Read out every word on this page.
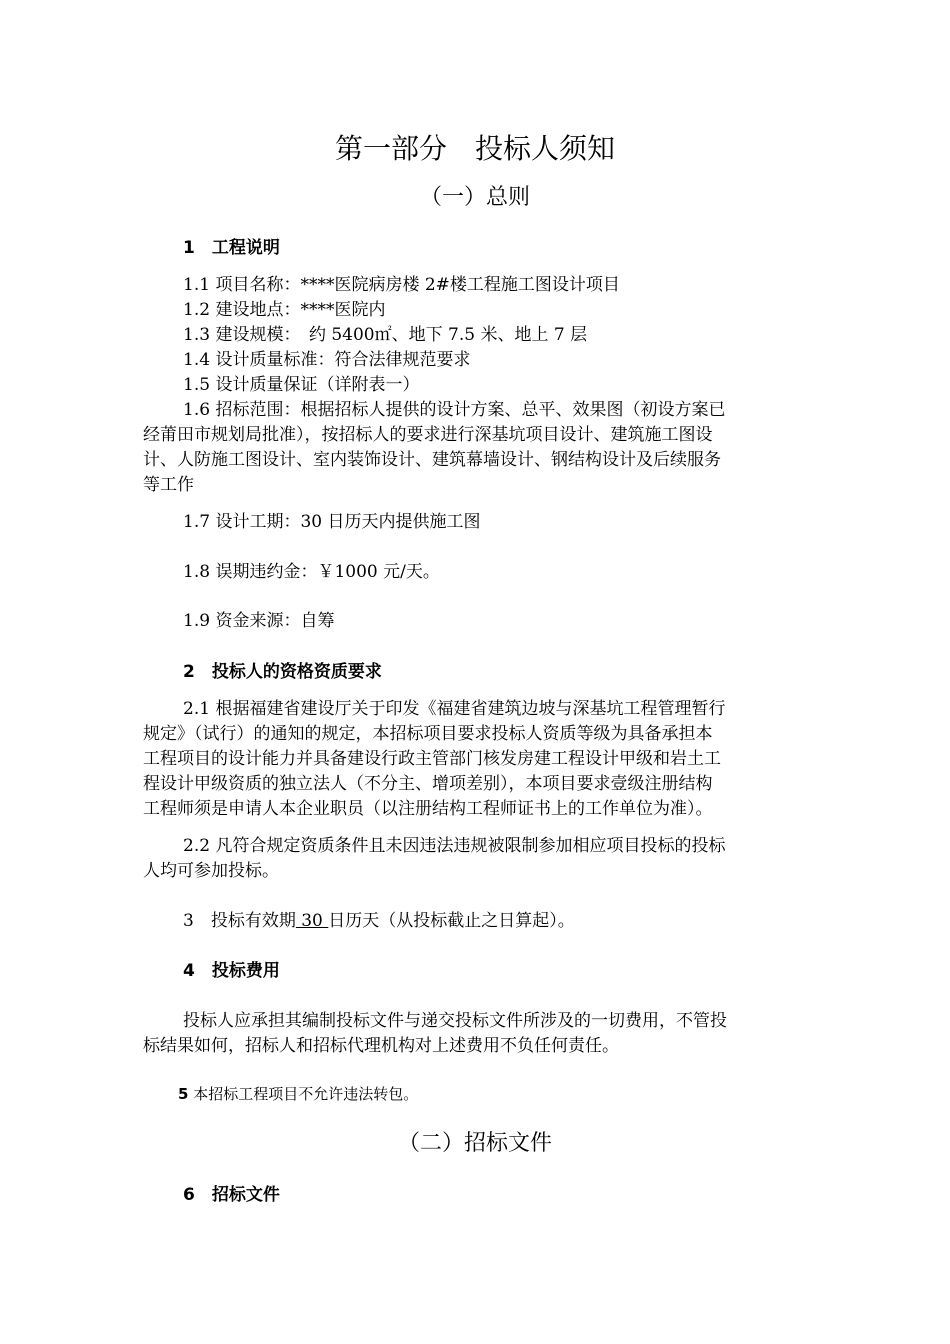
第一部分　投标人须知
（一）总则
1　工程说明
1.1 项目名称：****医院病房楼 2#楼工程施工图设计项目
1.2 建设地点：****医院内
1.3 建设规模：　约 5400㎡、地下 7.5 米、地上 7 层
1.4 设计质量标准：符合法律规范要求
1.5 设计质量保证（详附表一）
1.6 招标范围：根据招标人提供的设计方案、总平、效果图（初设方案已
经莆田市规划局批准），按招标人的要求进行深基坑项目设计、建筑施工图设
计、人防施工图设计、室内装饰设计、建筑幕墙设计、钢结构设计及后续服务
等工作
1.7 设计工期：30 日历天内提供施工图
1.8 误期违约金：￥1000 元/天。
1.9 资金来源：自筹
2　投标人的资格资质要求
2.1 根据福建省建设厅关于印发《福建省建筑边坡与深基坑工程管理暂行
规定》（试行）的通知的规定，本招标项目要求投标人资质等级为具备承担本
工程项目的设计能力并具备建设行政主管部门核发房建工程设计甲级和岩土工
程设计甲级资质的独立法人（不分主、增项差别），本项目要求壹级注册结构
工程师须是申请人本企业职员（以注册结构工程师证书上的工作单位为准）。
2.2 凡符合规定资质条件且未因违法违规被限制参加相应项目投标的投标
人均可参加投标。
3　投标有效期 30 日历天（从投标截止之日算起）。
4　投标费用
投标人应承担其编制投标文件与递交投标文件所涉及的一切费用，不管投
标结果如何，招标人和招标代理机构对上述费用不负任何责任。
5 本招标工程项目不允许违法转包。
（二）招标文件
6　招标文件
